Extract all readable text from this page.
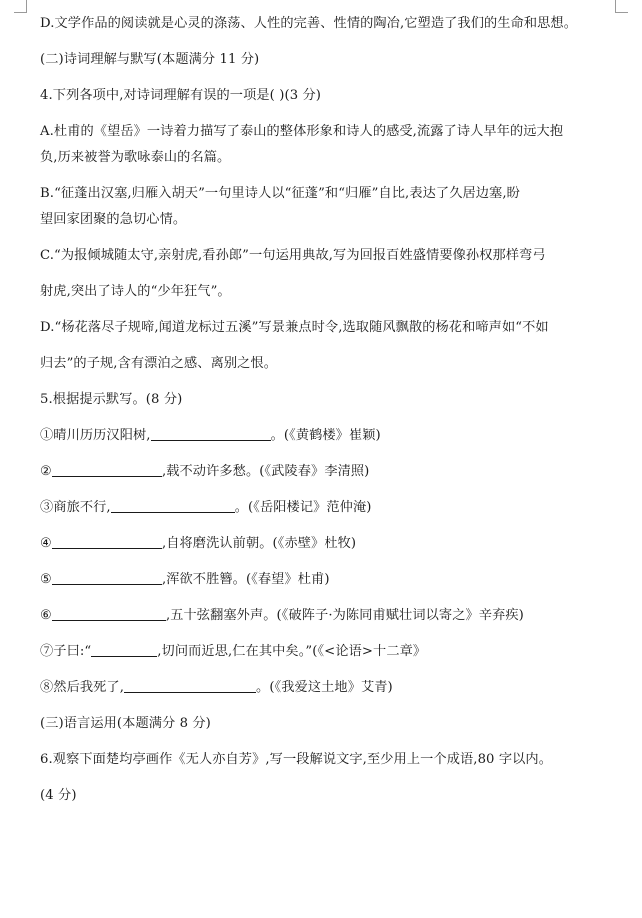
D.文学作品的阅读就是心灵的涤荡、人性的完善、性情的陶冶,它塑造了我们的生命和思想。

(二)诗词理解与默写(本题满分 11 分)

4.下列各项中,对诗词理解有误的一项是( )(3 分)

A.杜甫的《望岳》一诗着力描写了泰山的整体形象和诗人的感受,流露了诗人早年的远大抱

负,历来被誉为歌咏泰山的名篇。

B.“征蓬出汉塞,归雁入胡天”一句里诗人以“征蓬”和“归雁”自比,表达了久居边塞,盼

望回家团聚的急切心情。

C.“为报倾城随太守,亲射虎,看孙郎”一句运用典故,写为回报百姓盛情要像孙权那样弯弓

射虎,突出了诗人的“少年狂气”。

D.“杨花落尽子规啼,闻道龙标过五溪”写景兼点时令,选取随风飘散的杨花和啼声如“不如

归去”的子规,含有漂泊之感、离别之恨。

5.根据提示默写。(8 分)

①晴川历历汉阳树,	。(《黄鹤楼》崔颖)

②	,载不动许多愁。(《武陵春》李清照)

③商旅不行,	。(《岳阳楼记》范仲淹)

④	,自将磨洗认前朝。(《赤壁》杜牧)

⑤	,浑欲不胜簪。(《春望》杜甫)

⑥	,五十弦翻塞外声。(《破阵子·为陈同甫赋壮词以寄之》辛弃疾)

⑦子曰:“	,切问而近思,仁在其中矣。”(《<论语>十二章》

⑧然后我死了,	。(《我爱这土地》艾青)

(三)语言运用(本题满分 8 分)

6.观察下面楚均亭画作《无人亦自芳》,写一段解说文字,至少用上一个成语,80 字以内。

(4 分)
